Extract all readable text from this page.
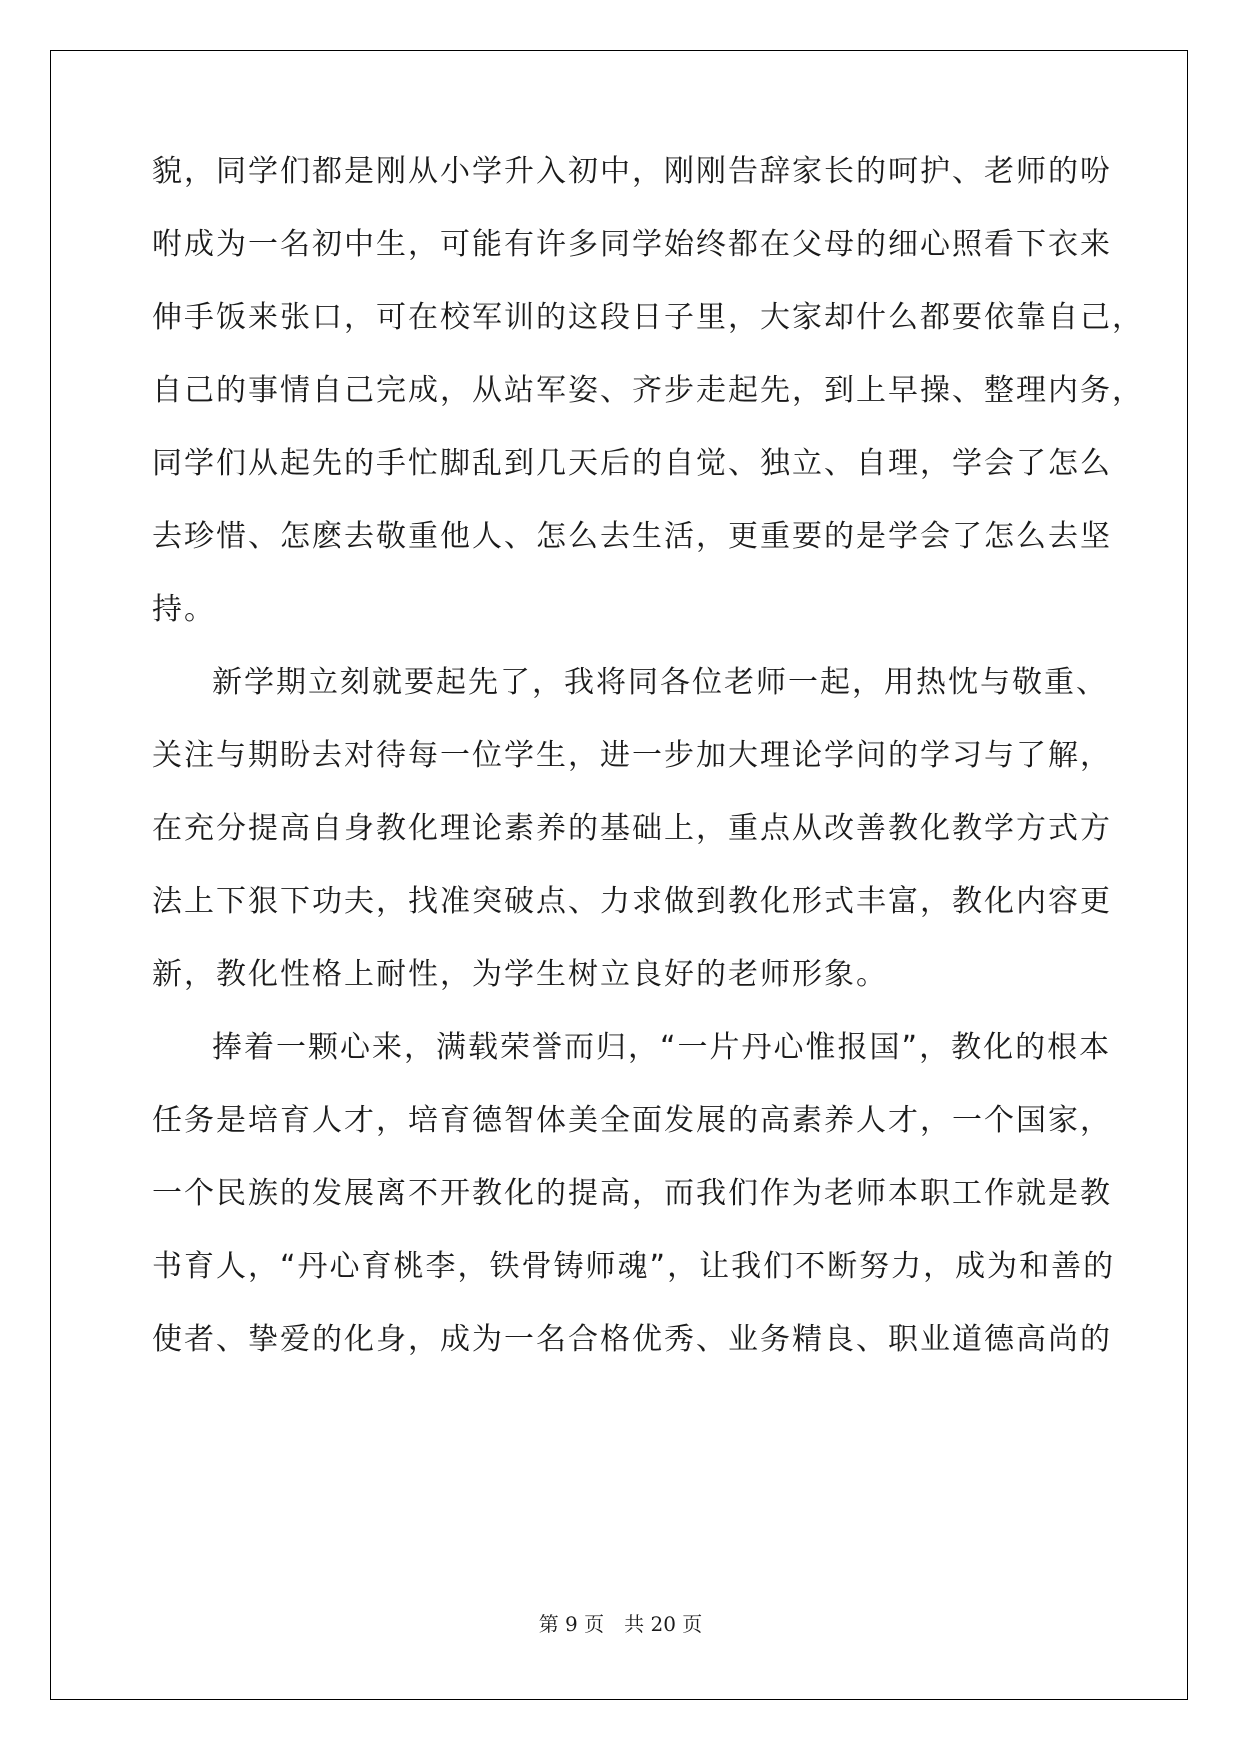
貌，同学们都是刚从小学升入初中，刚刚告辞家长的呵护、老师的吩
咐成为一名初中生，可能有许多同学始终都在父母的细心照看下衣来
伸手饭来张口，可在校军训的这段日子里，大家却什么都要依靠自己，
自己的事情自己完成，从站军姿、齐步走起先，到上早操、整理内务，
同学们从起先的手忙脚乱到几天后的自觉、独立、自理，学会了怎么
去珍惜、怎麽去敬重他人、怎么去生活，更重要的是学会了怎么去坚
持。
新学期立刻就要起先了，我将同各位老师一起，用热忱与敬重、
关注与期盼去对待每一位学生，进一步加大理论学问的学习与了解，
在充分提高自身教化理论素养的基础上，重点从改善教化教学方式方
法上下狠下功夫，找准突破点、力求做到教化形式丰富，教化内容更
新，教化性格上耐性，为学生树立良好的老师形象。
捧着一颗心来，满载荣誉而归，“一片丹心惟报国”，教化的根本
任务是培育人才，培育德智体美全面发展的高素养人才，一个国家，
一个民族的发展离不开教化的提高，而我们作为老师本职工作就是教
书育人，“丹心育桃李，铁骨铸师魂”，让我们不断努力，成为和善的
使者、挚爱的化身，成为一名合格优秀、业务精良、职业道德高尚的
第 9 页 共 20 页
